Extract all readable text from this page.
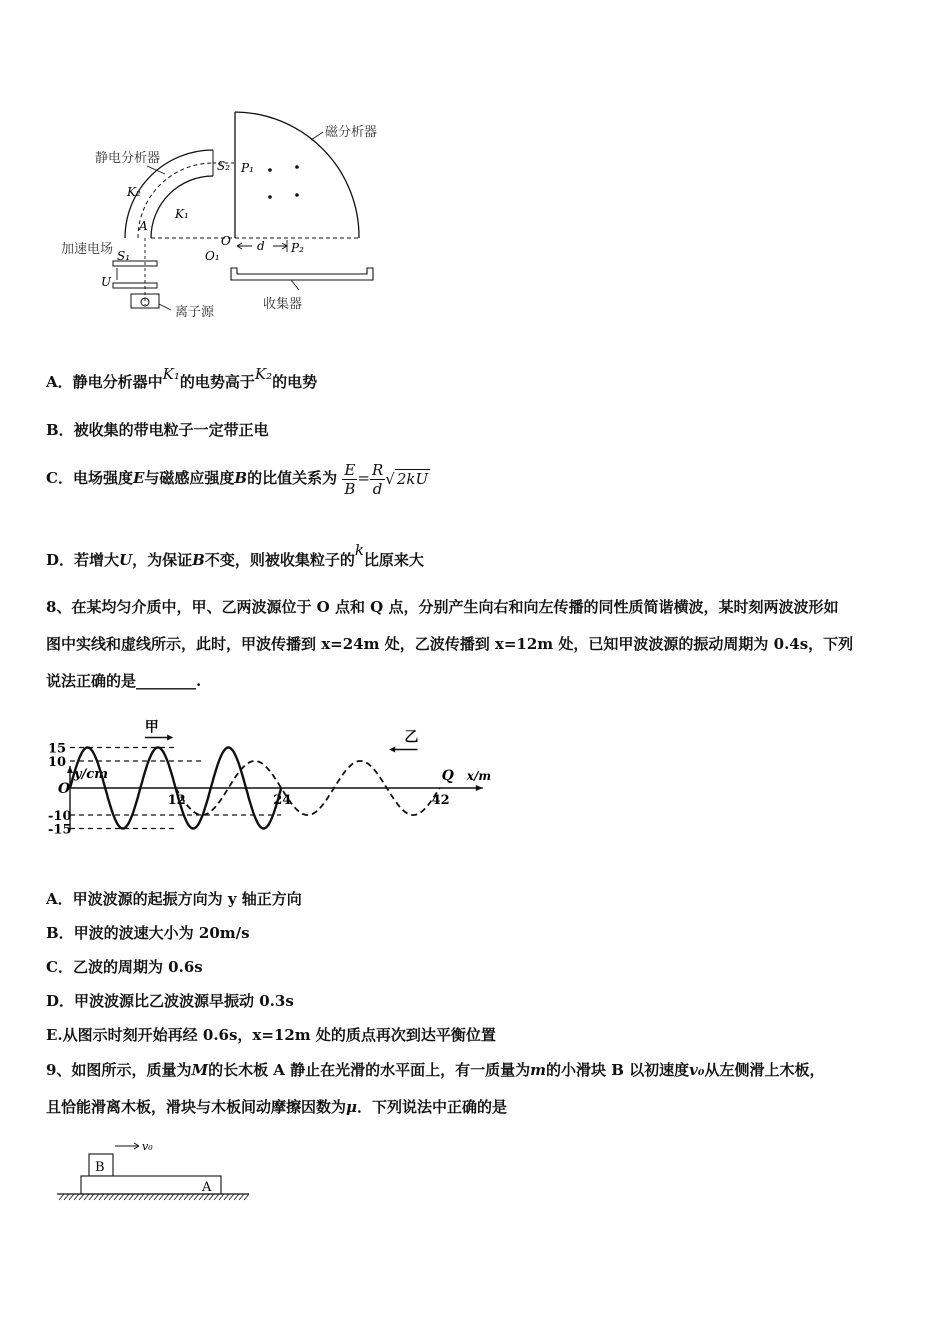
磁分析器
静电分析器	S₂ P₁
K₂
K₁
A
O
O₁
d P₂
收集器
加速电场 S₁
U
离子源
A．静电分析器中K₁的电势高于K₂的电势
B．被收集的带电粒子一定带正电
C．电场强度E与磁感应强度B的比值关系为 $\frac{E}{B} = \frac{R}{d}$ √ 2kU
D．若增大U，为保证B不变，则被收集粒子的k比原来大
8、在某均匀介质中，甲、乙两波源位于 O 点和 Q 点，分别产生向右和向左传播的同性质简谐横波，某时刻两波波形如
图中实线和虚线所示，此时，甲波传播到 x=24m 处，乙波传播到 x=12m 处，已知甲波波源的振动周期为 0.4s，下列
说法正确的是________.
y/cm	x/m
O
Q
15
10
-10
-15
12	24	42
甲
乙
A．甲波波源的起振方向为 y 轴正方向
B．甲波的波速大小为 20m/s
C．乙波的周期为 0.6s
D．甲波波源比乙波波源早振动 0.3s
E.从图示时刻开始再经 0.6s，x=12m 处的质点再次到达平衡位置
9、如图所示，质量为M的长木板 A 静止在光滑的水平面上，有一质量为m的小滑块 B 以初速度v₀从左侧滑上木板，
且恰能滑离木板，滑块与木板间动摩擦因数为μ．下列说法中正确的是
B
A
v₀
